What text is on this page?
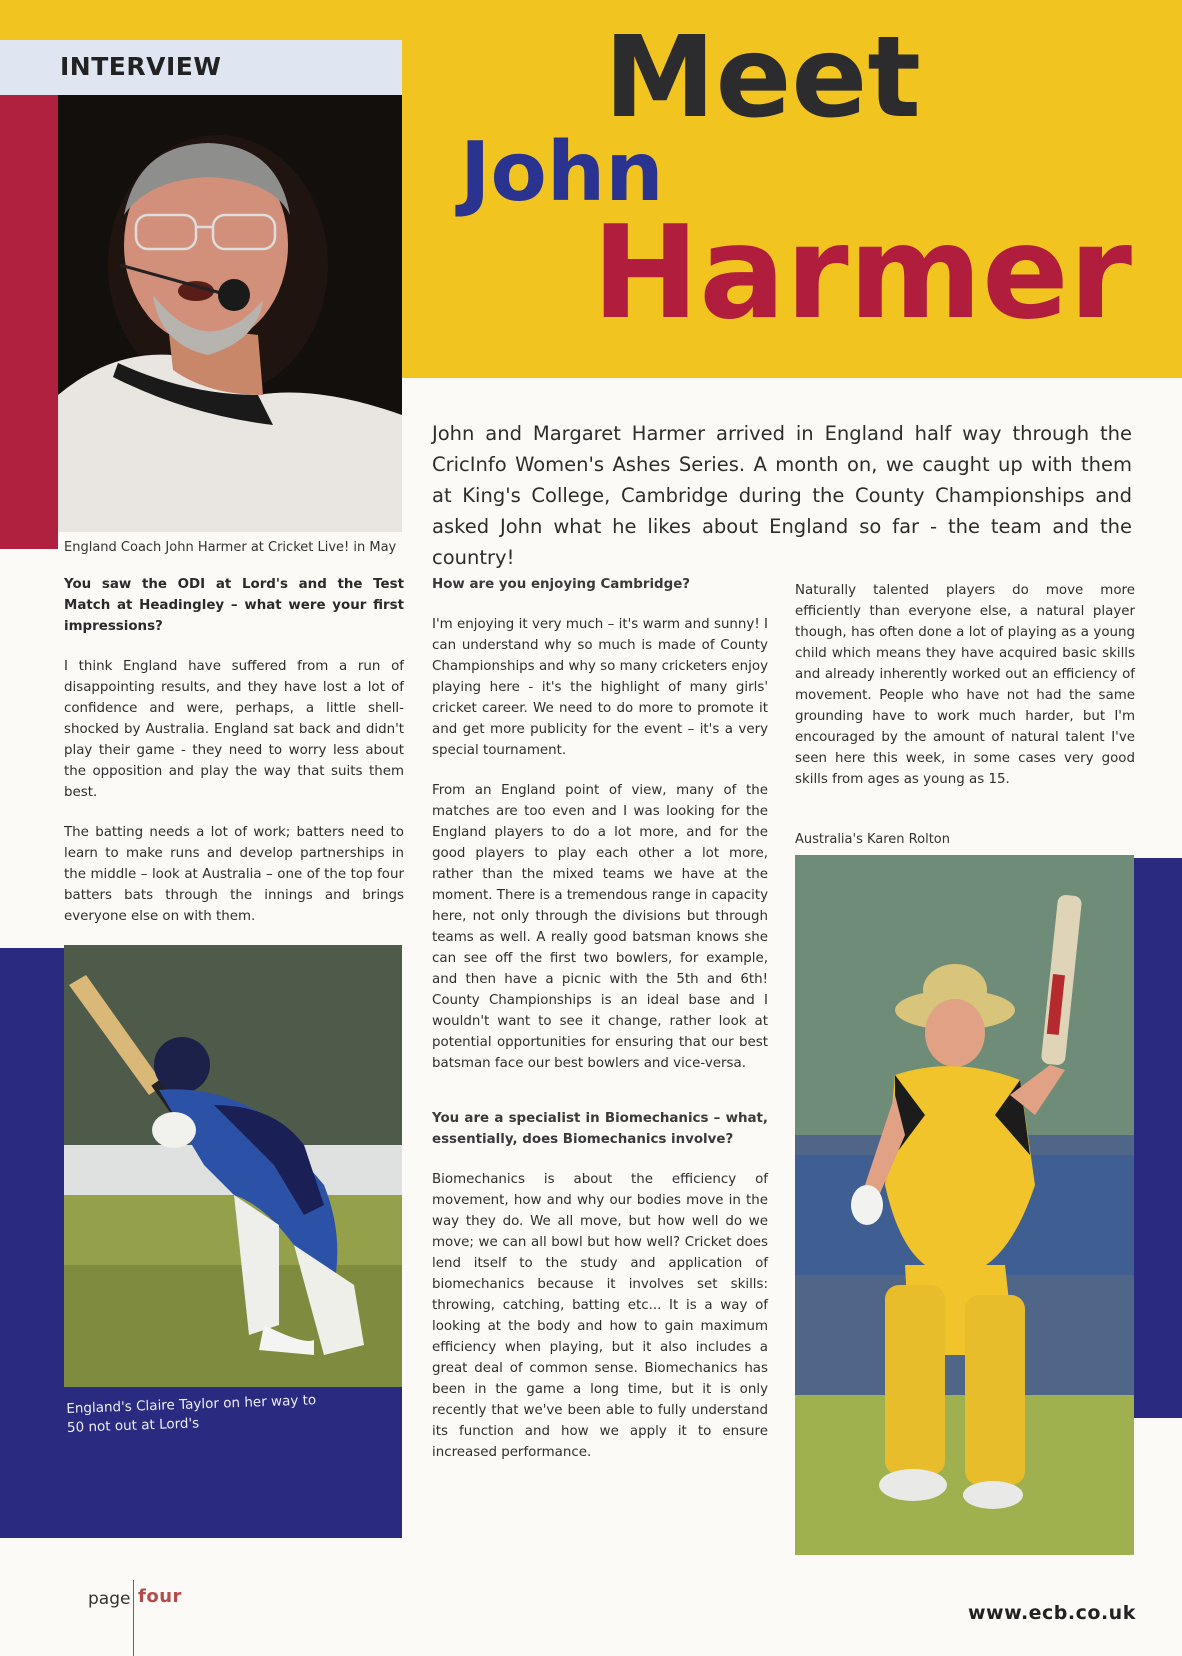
INTERVIEW	Meet
John
Harmer
England Coach John Harmer at Cricket Live! in May
John and Margaret Harmer arrived in England half way through the CricInfo Women's Ashes Series. A month on, we caught up with them at King's College, Cambridge during the County Championships and asked John what he likes about England so far - the team and the country!

You saw the ODI at Lord's and the Test Match at Headingley – what were your first impressions?

I think England have suffered from a run of disappointing results, and they have lost a lot of confidence and were, perhaps, a little shell-shocked by Australia. England sat back and didn't play their game - they need to worry less about the opposition and play the way that suits them best.

The batting needs a lot of work; batters need to learn to make runs and develop partnerships in the middle – look at Australia – one of the top four batters bats through the innings and brings everyone else on with them.

England's Claire Taylor on her way to 50 not out at Lord's

How are you enjoying Cambridge?

I'm enjoying it very much – it's warm and sunny! I can understand why so much is made of County Championships and why so many cricketers enjoy playing here - it's the highlight of many girls' cricket career. We need to do more to promote it and get more publicity for the event – it's a very special tournament.

From an England point of view, many of the matches are too even and I was looking for the England players to do a lot more, and for the good players to play each other a lot more, rather than the mixed teams we have at the moment. There is a tremendous range in capacity here, not only through the divisions but through teams as well. A really good batsman knows she can see off the first two bowlers, for example, and then have a picnic with the 5th and 6th! County Championships is an ideal base and I wouldn't want to see it change, rather look at potential opportunities for ensuring that our best batsman face our best bowlers and vice-versa.

You are a specialist in Biomechanics – what, essentially, does Biomechanics involve?

Biomechanics is about the efficiency of movement, how and why our bodies move in the way they do. We all move, but how well do we move; we can all bowl but how well? Cricket does lend itself to the study and application of biomechanics because it involves set skills: throwing, catching, batting etc... It is a way of looking at the body and how to gain maximum efficiency when playing, but it also includes a great deal of common sense. Biomechanics has been in the game a long time, but it is only recently that we've been able to fully understand its function and how we apply it to ensure increased performance.

Naturally talented players do move more efficiently than everyone else, a natural player though, has often done a lot of playing as a young child which means they have acquired basic skills and already inherently worked out an efficiency of movement. People who have not had the same grounding have to work much harder, but I'm encouraged by the amount of natural talent I've seen here this week, in some cases very good skills from ages as young as 15.

Australia's Karen Rolton
page four
www.ecb.co.uk
